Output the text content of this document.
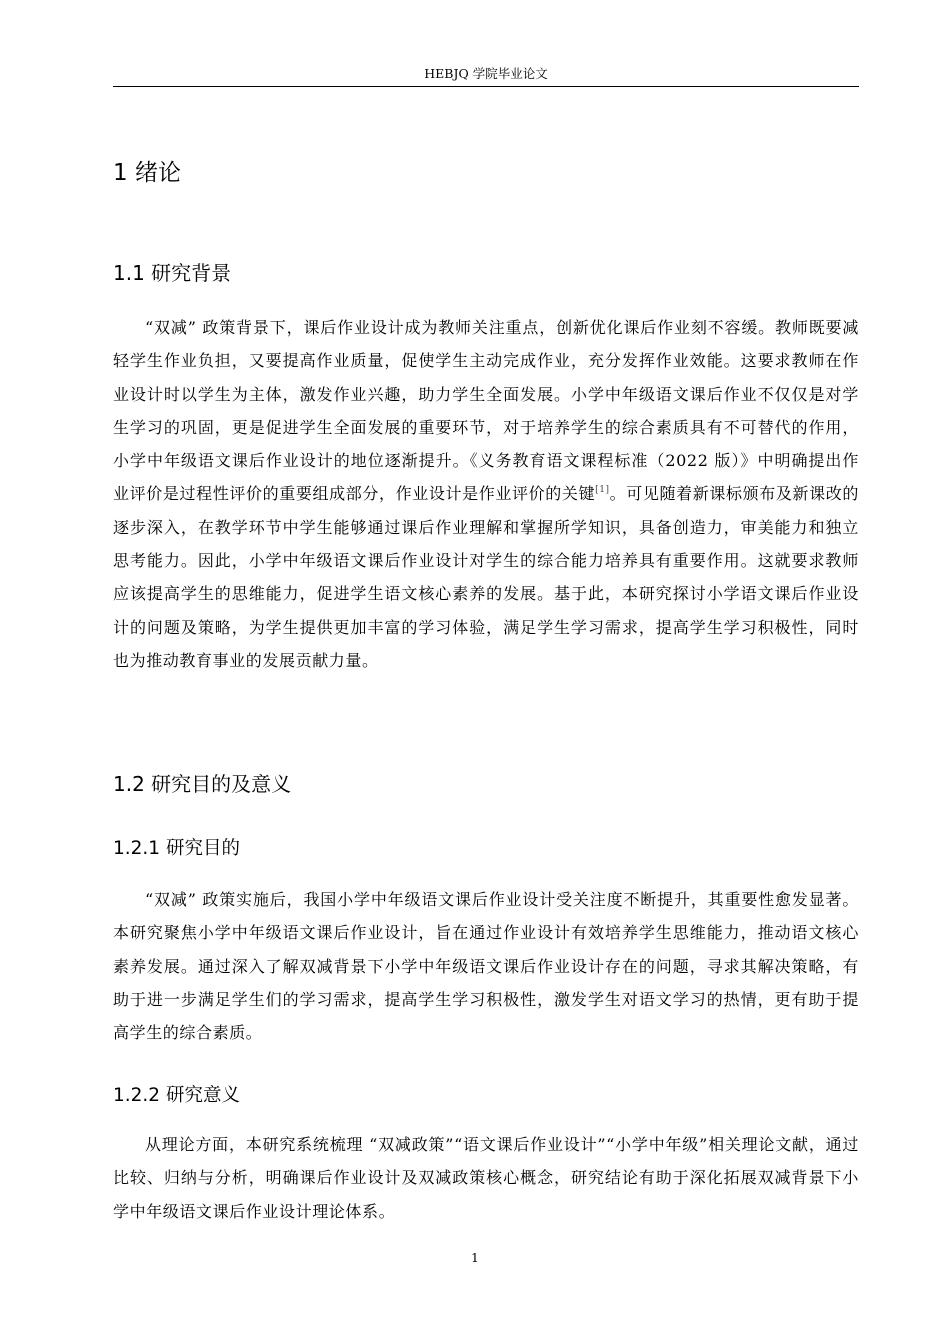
HEBJQ 学院毕业论文
1 绪论
1.1 研究背景

“双减” 政策背景下，课后作业设计成为教师关注重点，创新优化课后作业刻不容缓。教师既要减轻学生作业负担，又要提高作业质量，促使学生主动完成作业，充分发挥作业效能。这要求教师在作业设计时以学生为主体，激发作业兴趣，助力学生全面发展。小学中年级语文课后作业不仅仅是对学生学习的巩固，更是促进学生全面发展的重要环节，对于培养学生的综合素质具有不可替代的作用，小学中年级语文课后作业设计的地位逐渐提升。《义务教育语文课程标准（2022 版）》中明确提出作业评价是过程性评价的重要组成部分，作业设计是作业评价的关键[1]。可见随着新课标颁布及新课改的逐步深入，在教学环节中学生能够通过课后作业理解和掌握所学知识，具备创造力，审美能力和独立思考能力。因此，小学中年级语文课后作业设计对学生的综合能力培养具有重要作用。这就要求教师应该提高学生的思维能力，促进学生语文核心素养的发展。基于此，本研究探讨小学语文课后作业设计的问题及策略，为学生提供更加丰富的学习体验，满足学生学习需求，提高学生学习积极性，同时也为推动教育事业的发展贡献力量。

1.2 研究目的及意义
1.2.1 研究目的

“双减” 政策实施后，我国小学中年级语文课后作业设计受关注度不断提升，其重要性愈发显著。本研究聚焦小学中年级语文课后作业设计，旨在通过作业设计有效培养学生思维能力，推动语文核心素养发展。通过深入了解双减背景下小学中年级语文课后作业设计存在的问题，寻求其解决策略，有助于进一步满足学生们的学习需求，提高学生学习积极性，激发学生对语文学习的热情，更有助于提高学生的综合素质。

1.2.2 研究意义

从理论方面，本研究系统梳理 “双减政策”“语文课后作业设计”“小学中年级”相关理论文献，通过比较、归纳与分析，明确课后作业设计及双减政策核心概念，研究结论有助于深化拓展双减背景下小学中年级语文课后作业设计理论体系。

1
